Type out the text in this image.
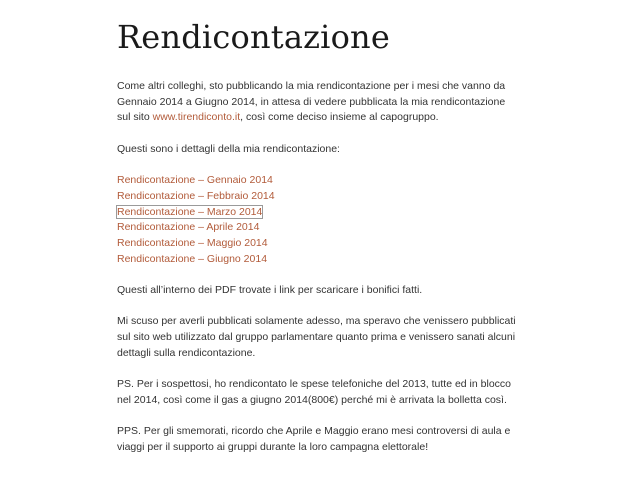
Rendicontazione

Come altri colleghi, sto pubblicando la mia rendicontazione per i mesi che vanno da Gennaio 2014 a Giugno 2014, in attesa di vedere pubblicata la mia rendicontazione sul sito www.tirendiconto.it, così come deciso insieme al capogruppo.

Questi sono i dettagli della mia rendicontazione:

Rendicontazione – Gennaio 2014
Rendicontazione – Febbraio 2014
Rendicontazione – Marzo 2014
Rendicontazione – Aprile 2014
Rendicontazione – Maggio 2014
Rendicontazione – Giugno 2014

Questi all’interno dei PDF trovate i link per scaricare i bonifici fatti.

Mi scuso per averli pubblicati solamente adesso, ma speravo che venissero pubblicati sul sito web utilizzato dal gruppo parlamentare quanto prima e venissero sanati alcuni dettagli sulla rendicontazione.

PS. Per i sospettosi, ho rendicontato le spese telefoniche del 2013, tutte ed in blocco nel 2014, così come il gas a giugno 2014(800€) perché mi è arrivata la bolletta così.

PPS. Per gli smemorati, ricordo che Aprile e Maggio erano mesi controversi di aula e viaggi per il supporto ai gruppi durante la loro campagna elettorale!
